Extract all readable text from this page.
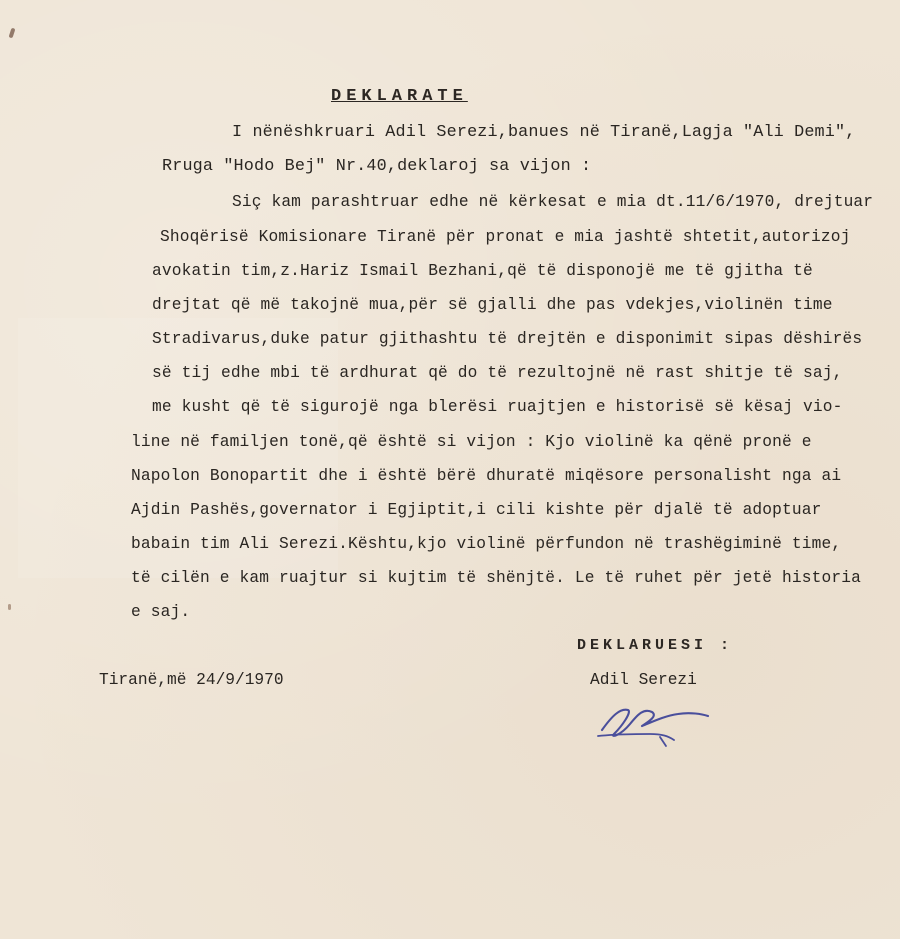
DEKLARATE
I nënëshkruari Adil Serezi,banues në Tiranë,Lagja "Ali Demi",
Rruga "Hodo Bej" Nr.40,deklaroj sa vijon :
Siç kam parashtruar edhe në kërkesat e mia dt.11/6/1970, drejtuar
Shoqërisë Komisionare Tiranë për pronat e mia jashtë shtetit,autorizoj
avokatin tim,z.Hariz Ismail Bezhani,që të disponojë me të gjitha të
drejtat që më takojnë mua,për së gjalli dhe pas vdekjes,violinën time
Stradivarus,duke patur gjithashtu të drejtën e disponimit sipas dëshirës
së tij edhe mbi të ardhurat që do të rezultojnë në rast shitje të saj,
me kusht që të sigurojë nga blerësi ruajtjen e historisë së kësaj vio-
line në familjen tonë,që është si vijon : Kjo violinë ka qënë pronë e
Napolon Bonopartit dhe i është bërë dhuratë miqësore personalisht nga ai
Ajdin Pashës,governator i Egjiptit,i cili kishte për djalë të adoptuar
babain tim Ali Serezi.Kështu,kjo violinë përfundon në trashëgiminë time,
të cilën e kam ruajtur si kujtim të shënjtë. Le të ruhet për jetë historia
e saj.
DEKLARUESI :
Tiranë,më 24/9/1970	Adil Serezi
